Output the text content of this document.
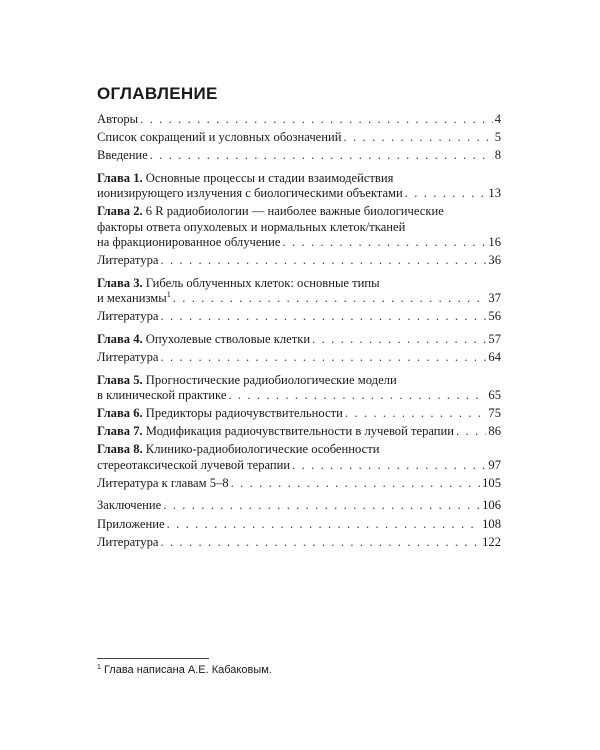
ОГЛАВЛЕНИЕ
Авторы . . .	4
Список сокращений и условных обозначений . . .	5
Введение . . .	8
Глава 1. Основные процессы и стадии взаимодействия
ионизирующего излучения с биологическими объектами . . .	13
Глава 2. 6 R радиобиологии — наиболее важные биологические
факторы ответа опухолевых и нормальных клеток/тканей
на фракционированное облучение . . .	16
Литература . . .	36
Глава 3. Гибель облученных клеток: основные типы
и механизмы$^1$ . . .	37
Литература . . .	56
Глава 4. Опухолевые стволовые клетки . . .	57
Литература . . .	64
Глава 5. Прогностические радиобиологические модели
в клинической практике . . .	65
Глава 6. Предикторы радиочувствительности . . .	75
Глава 7. Модификация радиочувствительности в лучевой терапии . . .	86
Глава 8. Клинико-радиобиологические особенности
стереотаксической лучевой терапии . . .	97
Литература к главам 5–8 . . .	105
Заключение . . .	106
Приложение . . .	108
Литература . . .	122
$^1$ Глава написана А.Е. Кабаковым.
